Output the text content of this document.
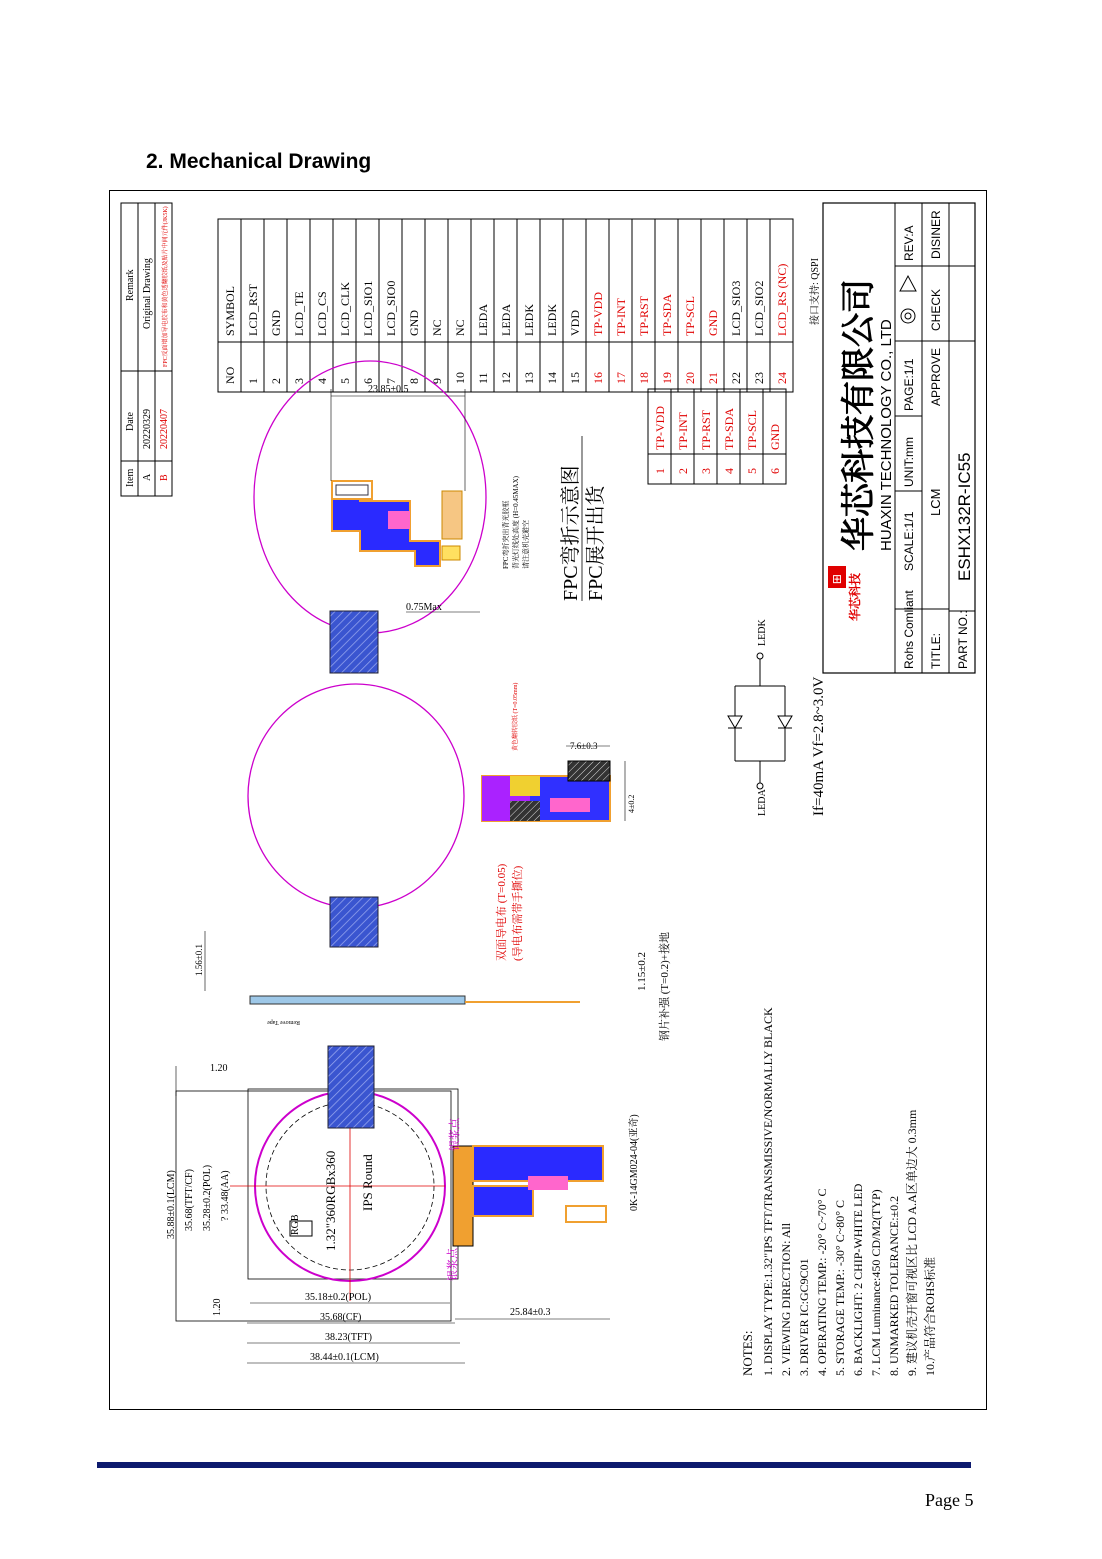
2. Mechanical Drawing
Item
Date
Remark
A
20220329
Original Drawing
B
20220407
FPC反面增加导电胶布和黄色透翻胶纸及贴片中间元件(JK5K)
NO
SYMBOL
1
LCD_RST
2
GND
3
LCD_TE
4
LCD_CS
5
LCD_CLK
6
LCD_SIO1
7
LCD_SIO0
8
GND
9
NC
10
NC
11
LEDA
12
LEDA
13
LEDK
14
LEDK
15
VDD
16
TP-VDD
17
TP-INT
18
TP-RST
19
TP-SDA
20
TP-SCL
21
GND
22
LCD_SIO3
23
LCD_SIO2
24
LCD_RS (NC) 接口支持: QSPI
⊞ 华芯科技
华芯科技有限公司 HUAXIN TECHNOLOGY CO., LTD
Rohs Comliant
SCALE:1/1
UNIT:mm
PAGE:1/1
REV:A
TITLE:
LCM
APPROVE
CHECK
DISINER
PART NO.:
ESHX132R-IC55
23.85±0.5
0.75Max
FPC弯折突出背光胶框 背光灯线处高度 (H=0.45MAX) 请注意机壳避空 FPC弯折示意图 FPC展开出货
1
TP-VDD
2
TP-INT
3
TP-RST
4
TP-SDA
5
TP-SCL
6
GND
7.6±0.3
4±0.2
黄色翻转胶纸 (T=0.05mm)
双面导电布 (T=0.05) (导电布需带手撕位)
LEDK
LEDA	If=40mA Vf=2.8~3.0V
1.56±0.1
Remove Tape
1.15±0.2 钢片补强 (T=0.2)+接地
RGB 1.32"360RGBx360 IPS Round
银浆点
银浆点
0K-14GM024-04(亚奇)
1.20
1.20
35.18±0.2(POL)
35.68(CF)
38.23(TFT)
38.44±0.1(LCM)
25.84±0.3
35.88±0.1(LCM) 35.68(TFT/CF) 35.28±0.2(POL) ? 33.48(AA)
NOTES: 1. DISPLAY TYPE:1.32"IPS TFT/TRANSMISSIVE/NORMALLY BLACK 2. VIEWING DIRECTION: All 3. DRIVER IC:GC9C01 4. OPERATING TEMP.: -20° C~70° C 5. STORAGE TEMP.: -30° C~80° C 6. BACKLIGHT: 2 CHIP-WHITE LED 7. LCM Luminance:450 CD/M2(TYP) 8. UNMARKED TOLERANCE:±0.2 9. 建议机壳开窗可视区比 LCD A.A区单边大 0.3mm 10.产品符合ROHS标准
Page 5
